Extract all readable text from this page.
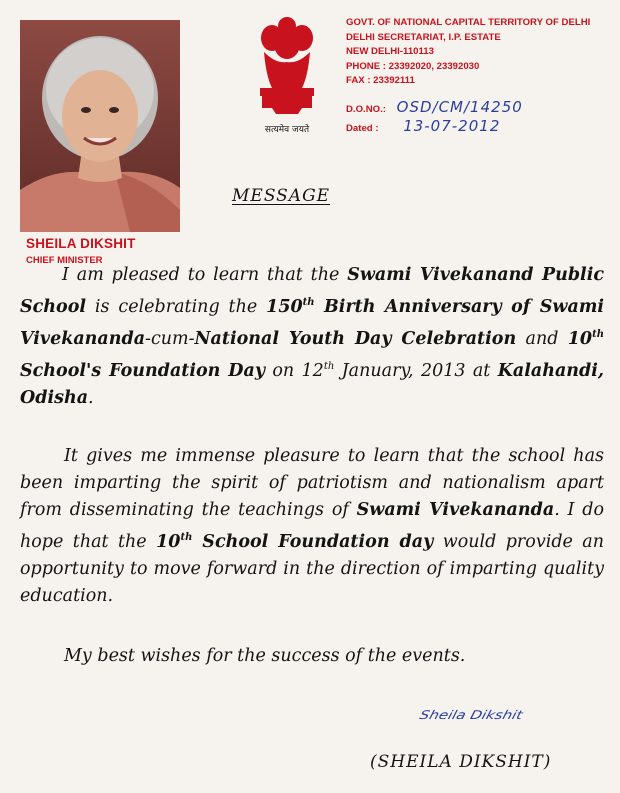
SHEILA DIKSHIT
CHIEF MINISTER
सत्यमेव जयते
GOVT. OF NATIONAL CAPITAL TERRITORY OF DELHI
DELHI SECRETARIAT, I.P. ESTATE
NEW DELHI-110113
PHONE : 23392020, 23392030
FAX : 23392111
D.O.NO.: OSD/CM/14250
Dated : 13-07-2012
MESSAGE
I am pleased to learn that the Swami Vivekanand Public School is celebrating the 150th Birth Anniversary of Swami Vivekananda-cum-National Youth Day Celebration and 10th School's Foundation Day on 12th January, 2013 at Kalahandi, Odisha.
It gives me immense pleasure to learn that the school has been imparting the spirit of patriotism and nationalism apart from disseminating the teachings of Swami Vivekananda. I do hope that the 10th School Foundation day would provide an opportunity to move forward in the direction of imparting quality education.
My best wishes for the success of the events.
Sheila Dikshit
(SHEILA DIKSHIT)
